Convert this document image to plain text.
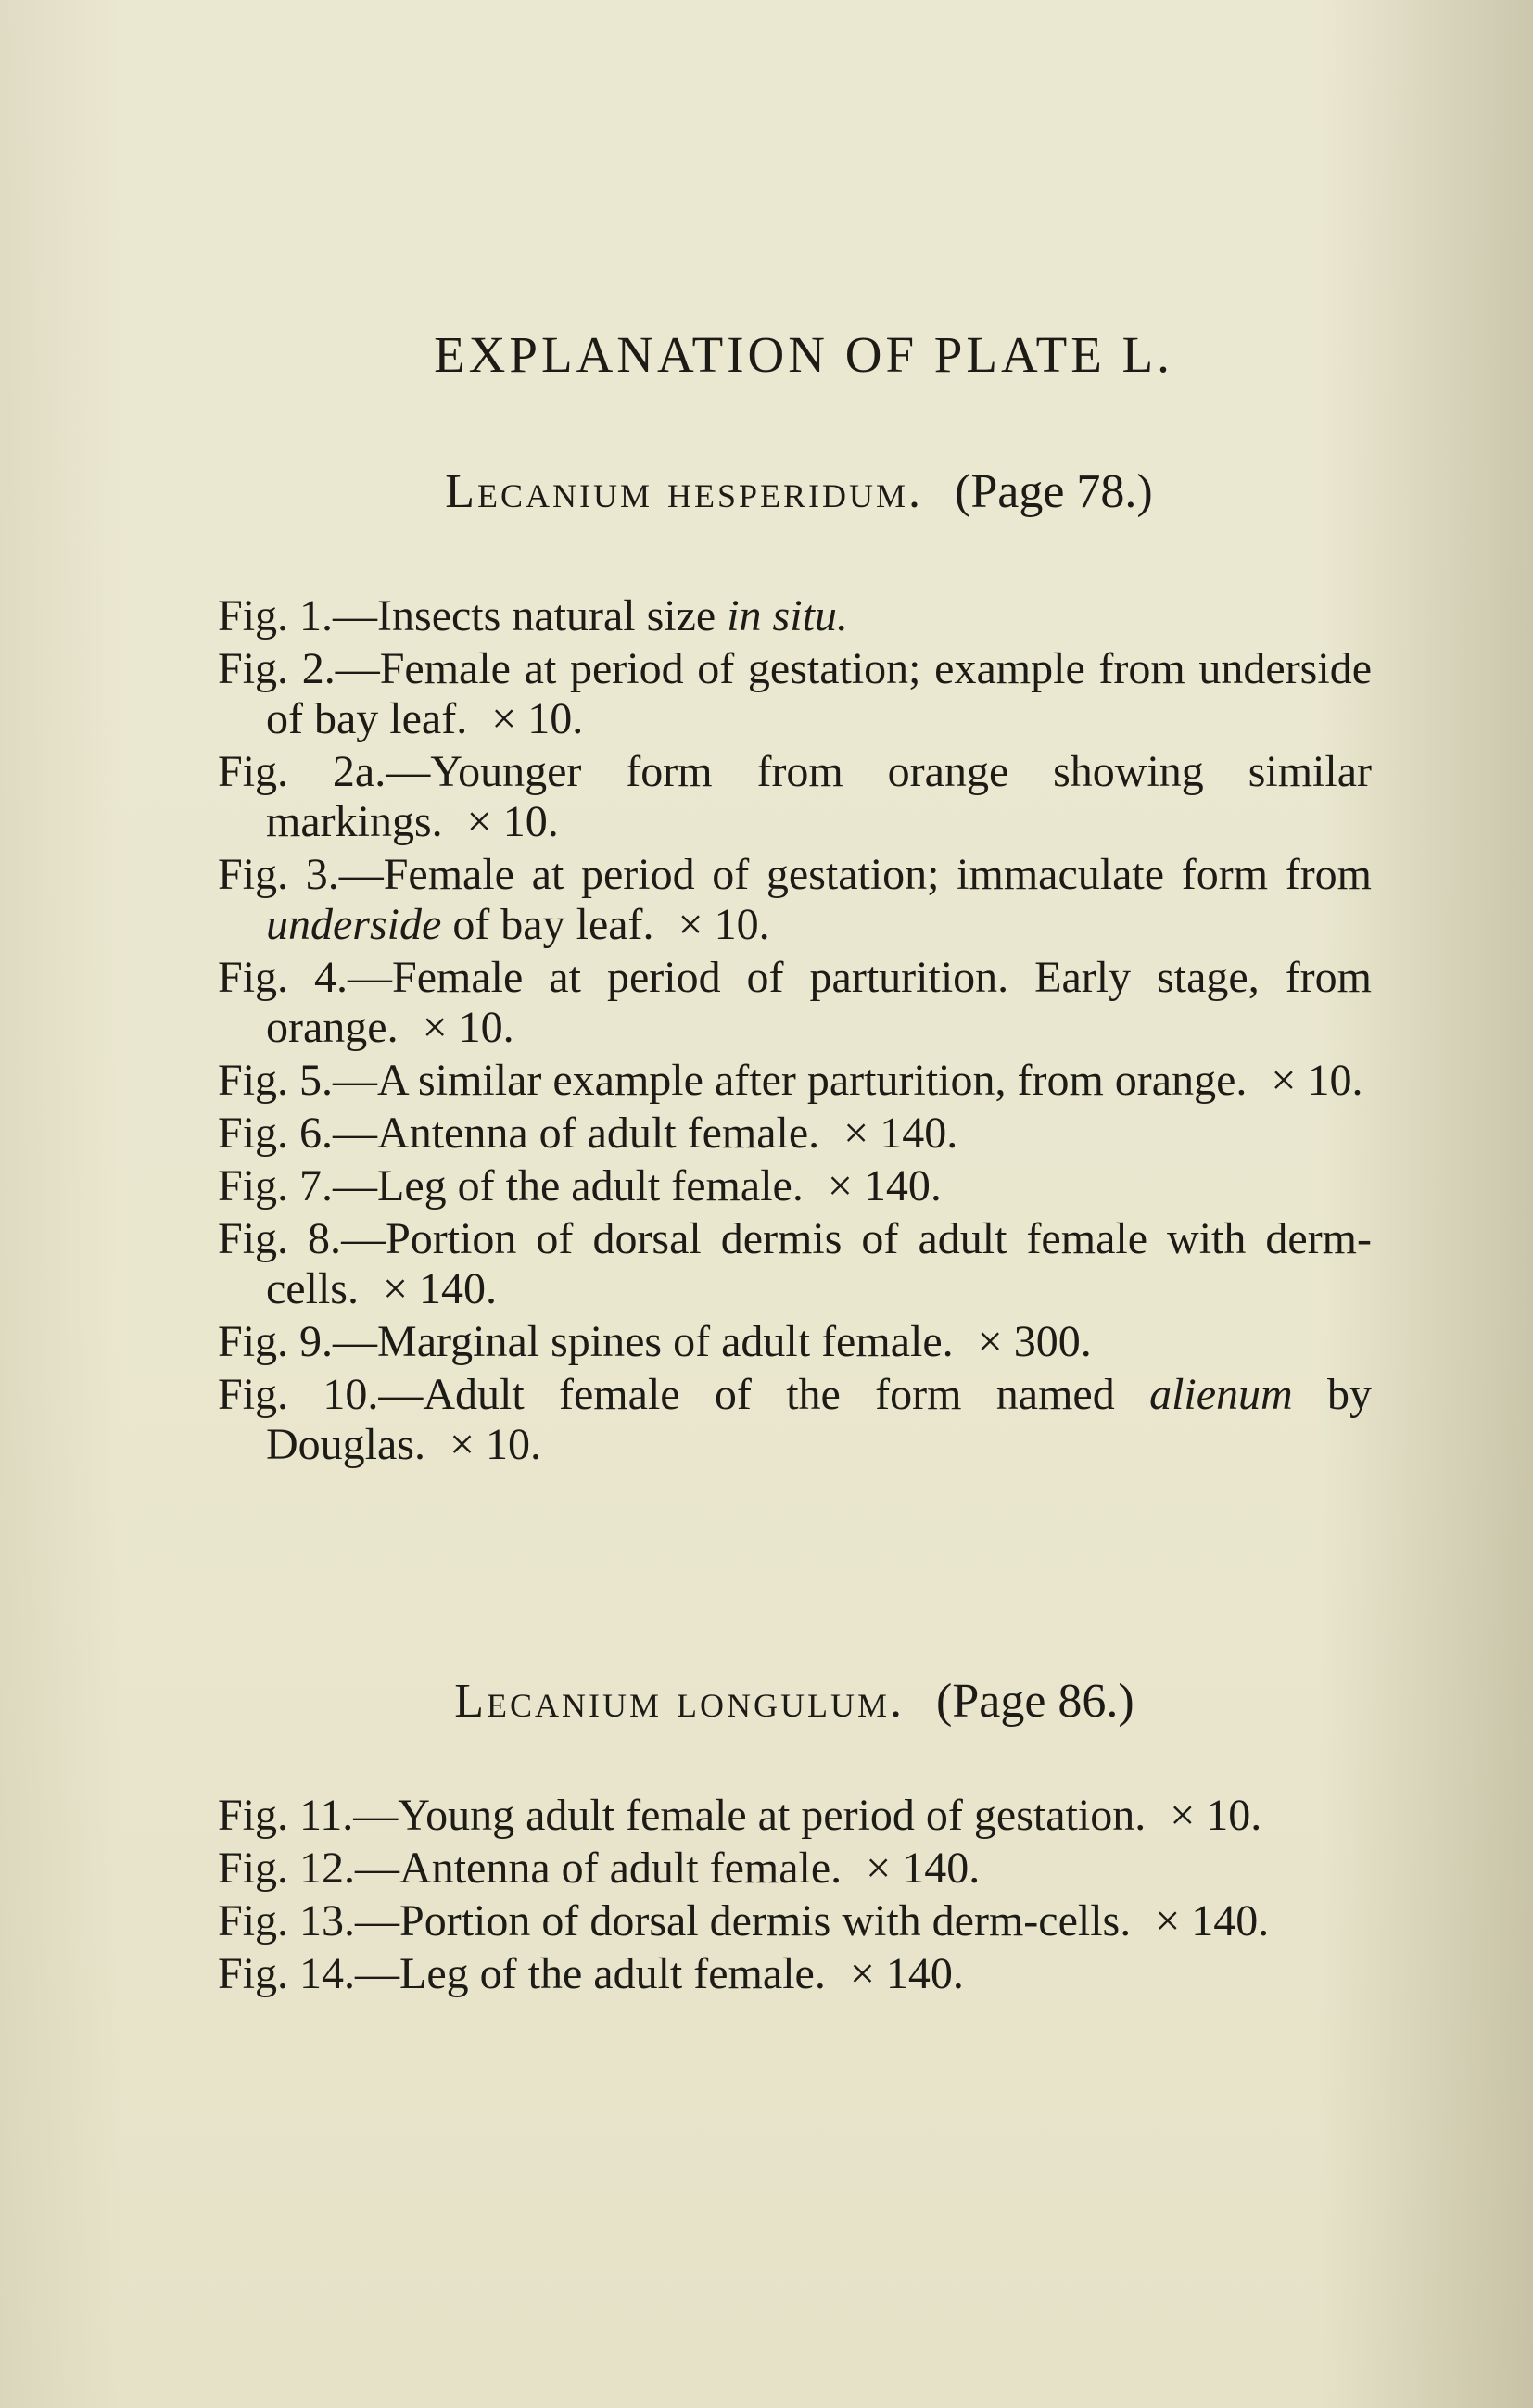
EXPLANATION OF PLATE L.
Lecanium hesperidum. (Page 78.)
Fig. 1.—Insects natural size in situ.
Fig. 2.—Female at period of gestation; example from underside of bay leaf. × 10.
Fig. 2a.—Younger form from orange showing similar markings. × 10.
Fig. 3.—Female at period of gestation; immaculate form from underside of bay leaf. × 10.
Fig. 4.—Female at period of parturition. Early stage, from orange. × 10.
Fig. 5.—A similar example after parturition, from orange. × 10.
Fig. 6.—Antenna of adult female. × 140.
Fig. 7.—Leg of the adult female. × 140.
Fig. 8.—Portion of dorsal dermis of adult female with derm-cells. × 140.
Fig. 9.—Marginal spines of adult female. × 300.
Fig. 10.—Adult female of the form named alienum by Douglas. × 10.
Lecanium longulum. (Page 86.)
Fig. 11.—Young adult female at period of gestation. × 10.
Fig. 12.—Antenna of adult female. × 140.
Fig. 13.—Portion of dorsal dermis with derm-cells. × 140.
Fig. 14.—Leg of the adult female. × 140.
